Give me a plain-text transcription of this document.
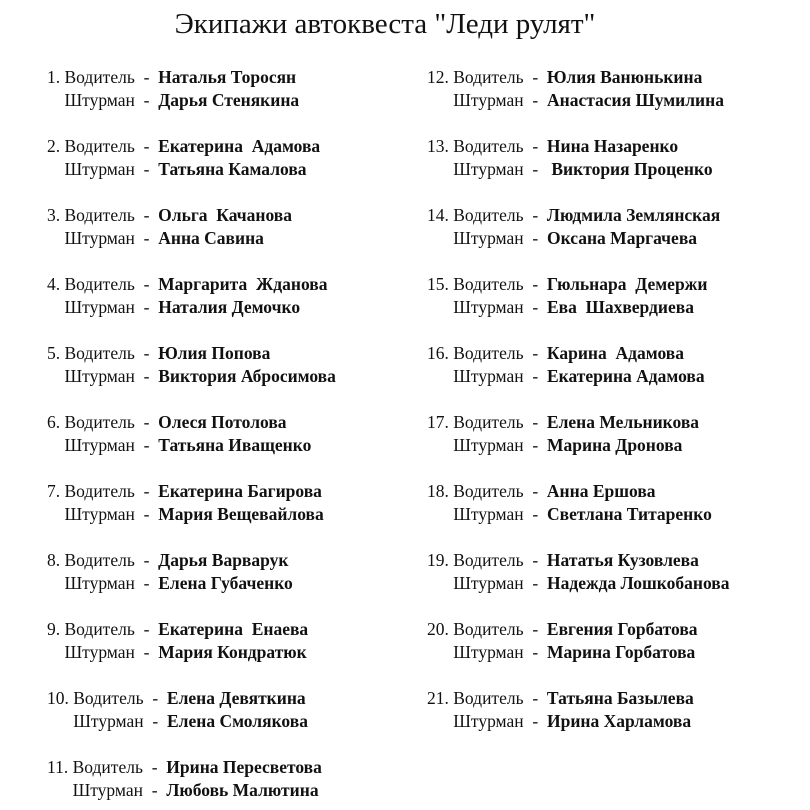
Экипажи автоквеста "Леди рулят"
1. Водитель  -  Наталья Торосян
Штурман  -  Дарья Стенякина
2. Водитель  -  Екатерина  Адамова
Штурман  -  Татьяна Камалова
3. Водитель  -  Ольга  Качанова
Штурман  -  Анна Савина
4. Водитель  -  Маргарита  Жданова
Штурман  -  Наталия Демочко
5. Водитель  -  Юлия Попова
Штурман  -  Виктория Абросимова
6. Водитель  -  Олеся Потолова
Штурман  -  Татьяна Иващенко
7. Водитель  -  Екатерина Багирова
Штурман  -  Мария Вещевайлова
8. Водитель  -  Дарья Варварук
Штурман  -  Елена Губаченко
9. Водитель  -  Екатерина  Енаева
Штурман  -  Мария Кондратюк
10. Водитель  -  Елена Девяткина
Штурман  -  Елена Смолякова
11. Водитель  -  Ирина Пересветова
Штурман  -  Любовь Малютина
12. Водитель  -  Юлия Ванюнькина
Штурман  -  Анастасия Шумилина
13. Водитель  -  Нина Назаренко
Штурман  -   Виктория Проценко
14. Водитель  -  Людмила Землянская
Штурман  -  Оксана Маргачева
15. Водитель  -  Гюльнара  Демержи
Штурман  -  Ева  Шахвердиева
16. Водитель  -  Карина  Адамова
Штурман  -  Екатерина Адамова
17. Водитель  -  Елена Мельникова
Штурман  -  Марина Дронова
18. Водитель  -  Анна Ершова
Штурман  -  Светлана Титаренко
19. Водитель  -  Нататья Кузовлева
Штурман  -  Надежда Лошкобанова
20. Водитель  -  Евгения Горбатова
Штурман  -  Марина Горбатова
21. Водитель  -  Татьяна Базылева
Штурман  -  Ирина Харламова
